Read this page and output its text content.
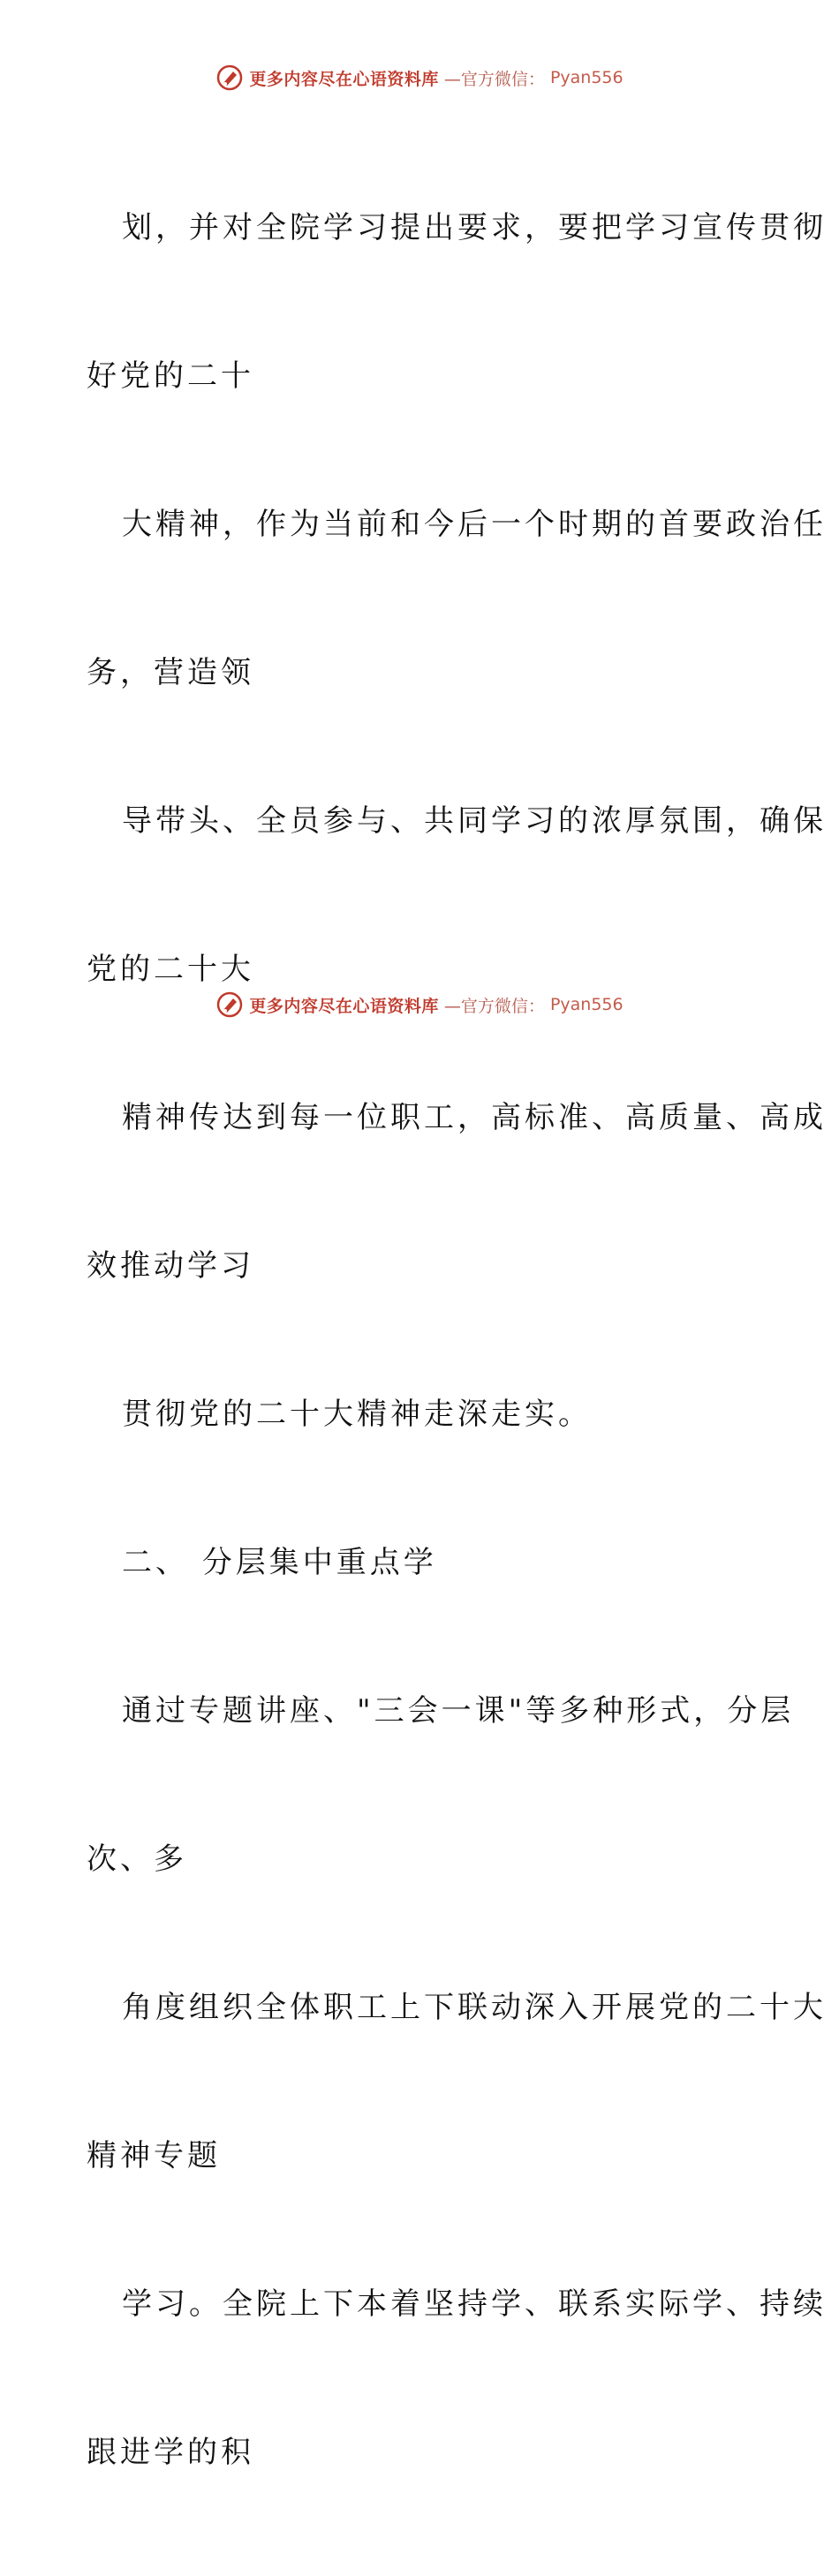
更多内容尽在心语资料库 —官方微信： Pyan556

划，并对全院学习提出要求，要把学习宣传贯彻

好党的二十

大精神，作为当前和今后一个时期的首要政治任

务，营造领

导带头、全员参与、共同学习的浓厚氛围，确保

党的二十大

精神传达到每一位职工，高标准、高质量、高成

效推动学习

贯彻党的二十大精神走深走实。

二、 分层集中重点学

通过专题讲座、"三会一课"等多种形式，分层

次、多

角度组织全体职工上下联动深入开展党的二十大

精神专题

学习。全院上下本着坚持学、联系实际学、持续

跟进学的积

更多内容尽在心语资料库 —官方微信： Pyan556
